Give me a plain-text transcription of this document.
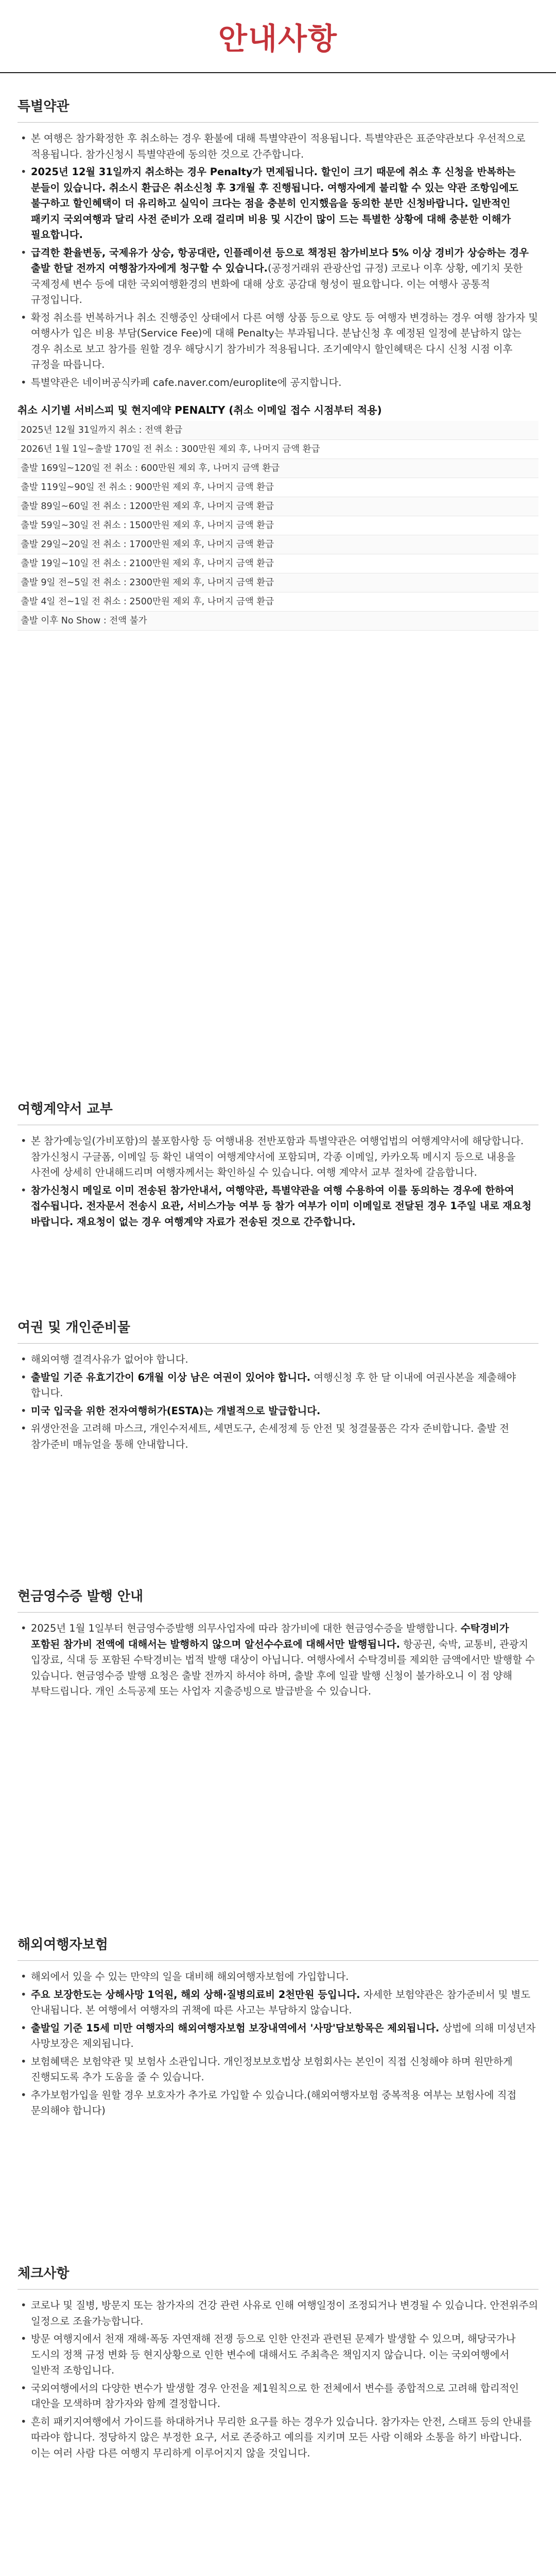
안내사항
특별약관
• 본 여행은 참가확정한 후 취소하는 경우 환불에 대해 특별약관이 적용됩니다. 특별약관은 표준약관보다 우선적으로 적용됩니다. 참가신청시 특별약관에 동의한 것으로 간주합니다.
• 2025년 12월 31일까지 취소하는 경우 Penalty가 면제됩니다. 할인이 크기 때문에 취소 후 신청을 반복하는 분들이 있습니다. 취소시 환급은 취소신청 후 3개월 후 진행됩니다. 여행자에게 불리할 수 있는 약관 조항임에도 불구하고 할인혜택이 더 유리하고 실익이 크다는 점을 충분히 인지했음을 동의한 분만 신청바랍니다. 일반적인 패키지 국외여행과 달리 사전 준비가 오래 걸리며 비용 및 시간이 많이 드는 특별한 상황에 대해 충분한 이해가 필요합니다.
• 급격한 환율변동, 국제유가 상승, 항공대란, 인플레이션 등으로 책정된 참가비보다 5% 이상 경비가 상승하는 경우 출발 한달 전까지 여행참가자에게 청구할 수 있습니다.(공정거래위 관광산업 규정) 코로나 이후 상황, 예기치 못한 국제정세 변수 등에 대한 국외여행환경의 변화에 대해 상호 공감대 형성이 필요합니다. 이는 여행사 공통적 규정입니다.
• 확정 취소를 번복하거나 취소 진행중인 상태에서 다른 여행 상품 등으로 양도 등 여행자 변경하는 경우 여행 참가자 및 여행사가 입은 비용 부담(Service Fee)에 대해 Penalty는 부과됩니다. 분납신청 후 예정된 일정에 분납하지 않는 경우 취소로 보고 참가를 원할 경우 해당시기 참가비가 적용됩니다. 조기예약시 할인혜택은 다시 신청 시점 이후 규정을 따릅니다.
• 특별약관은 네이버공식카페 cafe.naver.com/europlite에 공지합니다.
취소 시기별 서비스피 및 현지예약 PENALTY (취소 이메일 접수 시점부터 적용)
2025년 12월 31일까지 취소 : 전액 환급
2026년 1월 1일~출발 170일 전 취소 : 300만원 제외 후, 나머지 금액 환급
출발 169일~120일 전 취소 : 600만원 제외 후, 나머지 금액 환급
출발 119일~90일 전 취소 : 900만원 제외 후, 나머지 금액 환급
출발 89일~60일 전 취소 : 1200만원 제외 후, 나머지 금액 환급
출발 59일~30일 전 취소 : 1500만원 제외 후, 나머지 금액 환급
출발 29일~20일 전 취소 : 1700만원 제외 후, 나머지 금액 환급
출발 19일~10일 전 취소 : 2100만원 제외 후, 나머지 금액 환급
출발 9일 전~5일 전 취소 : 2300만원 제외 후, 나머지 금액 환급
출발 4일 전~1일 전 취소 : 2500만원 제외 후, 나머지 금액 환급
출발 이후 No Show : 전액 불가
여행계약서 교부
• 본 참가예능일(가비포함)의 불포함사항 등 여행내용 전반포함과 특별약관은 여행업법의 여행계약서에 해당합니다. 참가신청시 구글폼, 이메일 등 확인 내역이 여행계약서에 포함되며, 각종 이메일, 카카오톡 메시지 등으로 내용을 사전에 상세히 안내해드리며 여행자께서는 확인하실 수 있습니다. 여행 계약서 교부 절차에 갈음합니다.
• 참가신청시 메일로 이미 전송된 참가안내서, 여행약관, 특별약관을 여행 수용하여 이를 동의하는 경우에 한하여 접수됩니다. 전자문서 전송시 요관, 서비스가능 여부 등 참가 여부가 이미 이메일로 전달된 경우 1주일 내로 재요청 바랍니다. 재요청이 없는 경우 여행계약 자료가 전송된 것으로 간주합니다.
여권 및 개인준비물
• 해외여행 결격사유가 없어야 합니다.
• 출발일 기준 유효기간이 6개월 이상 남은 여권이 있어야 합니다. 여행신청 후 한 달 이내에 여권사본을 제출해야 합니다.
• 미국 입국을 위한 전자여행허가(ESTA)는 개별적으로 발급합니다.
• 위생안전을 고려해 마스크, 개인수저세트, 세면도구, 손세정제 등 안전 및 청결물품은 각자 준비합니다. 출발 전 참가준비 매뉴얼을 통해 안내합니다.
현금영수증 발행 안내
• 2025년 1월 1일부터 현금영수증발행 의무사업자에 따라 참가비에 대한 현금영수증을 발행합니다. 수탁경비가 포함된 참가비 전액에 대해서는 발행하지 않으며 알선수수료에 대해서만 발행됩니다. 항공권, 숙박, 교통비, 관광지 입장료, 식대 등 포함된 수탁경비는 법적 발행 대상이 아닙니다. 여행사에서 수탁경비를 제외한 금액에서만 발행할 수 있습니다. 현금영수증 발행 요청은 출발 전까지 하셔야 하며, 출발 후에 일괄 발행 신청이 불가하오니 이 점 양해 부탁드립니다. 개인 소득공제 또는 사업자 지출증빙으로 발급받을 수 있습니다.
해외여행자보험
• 해외에서 있을 수 있는 만약의 일을 대비해 해외여행자보험에 가입합니다.
• 주요 보장한도는 상해사망 1억원, 해외 상해·질병의료비 2천만원 등입니다. 자세한 보험약관은 참가준비서 및 별도 안내됩니다. 본 여행에서 여행자의 귀책에 따른 사고는 부담하지 않습니다.
• 출발일 기준 15세 미만 여행자의 해외여행자보험 보장내역에서 '사망'담보항목은 제외됩니다. 상법에 의해 미성년자 사망보장은 제외됩니다.
• 보험혜택은 보험약관 및 보험사 소관입니다. 개인정보보호법상 보험회사는 본인이 직접 신청해야 하며 원만하게 진행되도록 추가 도움을 줄 수 있습니다.
• 추가보험가입을 원할 경우 보호자가 추가로 가입할 수 있습니다.(해외여행자보험 중복적용 여부는 보험사에 직접 문의해야 합니다)
체크사항
• 코로나 및 질병, 방문지 또는 참가자의 건강 관련 사유로 인해 여행일정이 조정되거나 변경될 수 있습니다. 안전위주의 일정으로 조율가능합니다.
• 방문 여행지에서 천재 재해·폭동 자연재해 전쟁 등으로 인한 안전과 관련된 문제가 발생할 수 있으며, 해당국가나 도시의 정책 규정 변화 등 현지상황으로 인한 변수에 대해서도 주최측은 책임지지 않습니다. 이는 국외여행에서 일반적 조항입니다.
• 국외여행에서의 다양한 변수가 발생할 경우 안전을 제1원칙으로 한 전체에서 변수를 종합적으로 고려해 합리적인 대안을 모색하며 참가자와 함께 결정합니다.
• 흔히 패키지여행에서 가이드를 하대하거나 무리한 요구를 하는 경우가 있습니다. 참가자는 안전, 스태프 등의 안내를 따라야 합니다. 정당하지 않은 부정한 요구, 서로 존중하고 예의를 지키며 모든 사람 이해와 소통을 하기 바랍니다. 이는 여러 사람 다른 여행지 무리하게 이루어지지 않을 것입니다.
